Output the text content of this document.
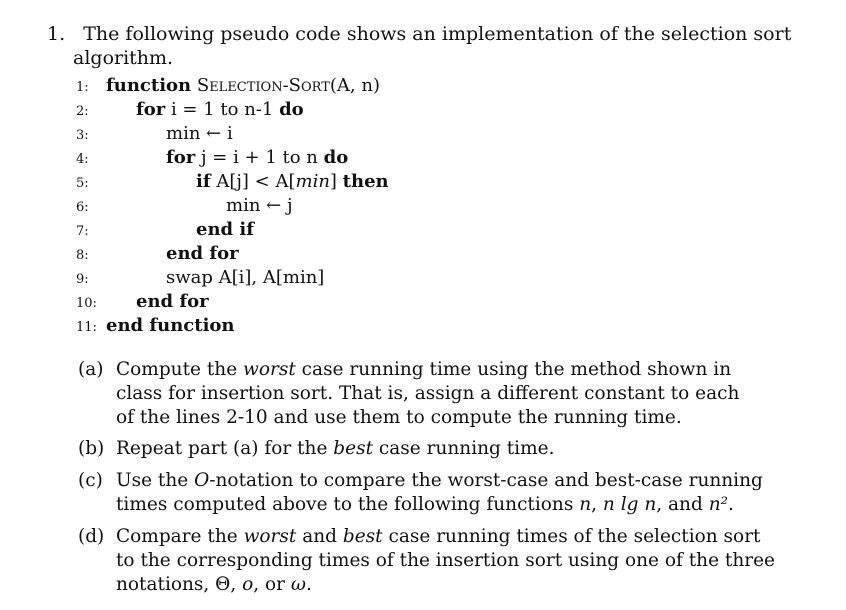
1. The following pseudo code shows an implementation of the selection sort
algorithm.
1: function Selection-Sort(A, n)
2:	for i = 1 to n-1 do
3:	min ← i
4:	for j = i + 1 to n do
5:	if A[j] < A[min] then
6:	min ← j
7:	end if
8:	end for
9:	swap A[i], A[min]
10: end for
11: end function
(a) Compute the worst case running time using the method shown in
class for insertion sort. That is, assign a different constant to each
of the lines 2-10 and use them to compute the running time.
(b) Repeat part (a) for the best case running time.
(c) Use the O-notation to compare the worst-case and best-case running
times computed above to the following functions n, n lg n, and n².
(d) Compare the worst and best case running times of the selection sort
to the corresponding times of the insertion sort using one of the three
notations, Θ, o, or ω.
